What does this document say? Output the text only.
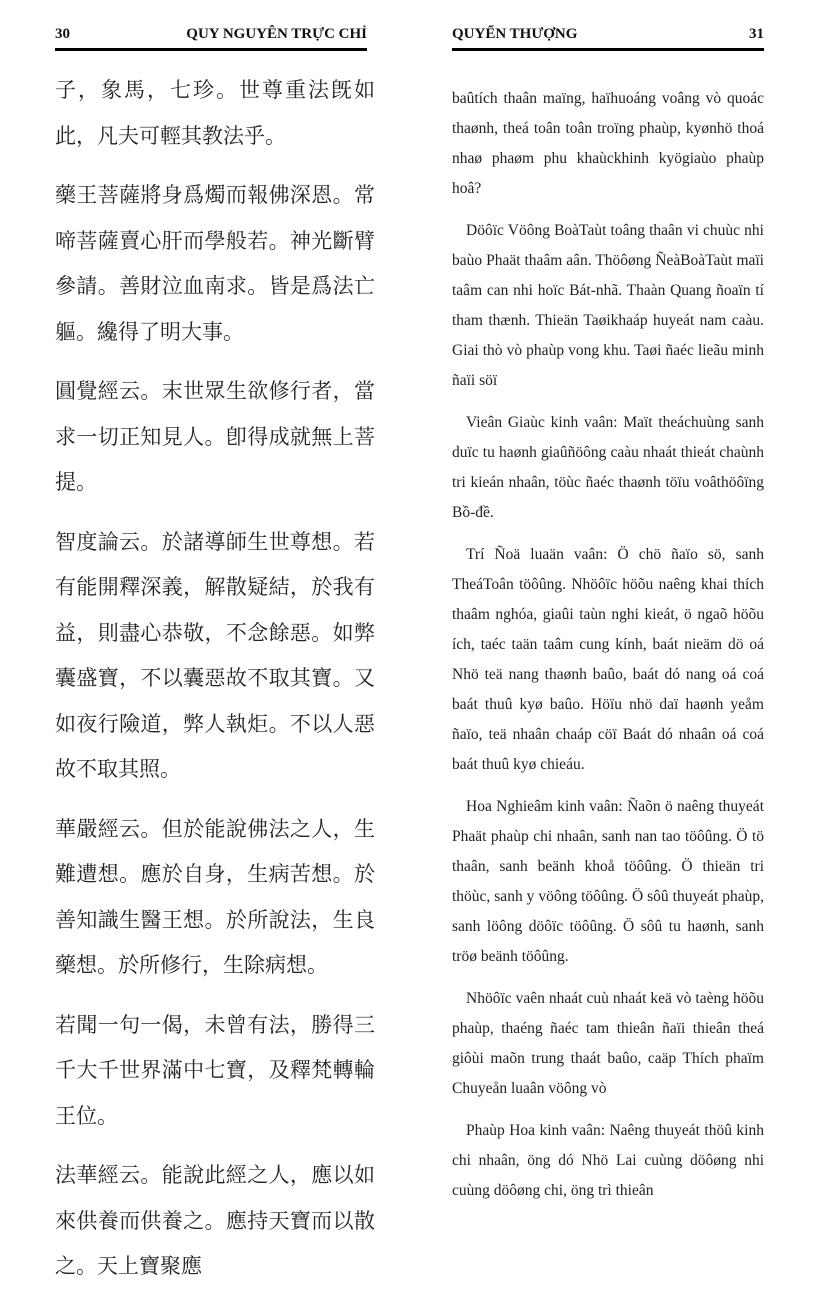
30	QUY NGUYÊN TRỰC CHỈ

子，象馬，七珍。世尊重法旣如此，凡夫可輕其教法乎。

藥王菩薩將身爲燭而報佛深恩。常啼菩薩賣心肝而學般若。神光斷臂參請。善財泣血南求。皆是爲法亡軀。纔得了明大事。

圓覺經云。末世眾生欲修行者，當求一切正知見人。卽得成就無上菩提。

智度論云。於諸導師生世尊想。若有能開釋深義，解散疑結，於我有益，則盡心恭敬，不念餘惡。如弊囊盛寶，不以囊惡故不取其寶。又如夜行險道，弊人執炬。不以人惡故不取其照。

華嚴經云。但於能說佛法之人，生難遭想。應於自身，生病苦想。於善知識生醫王想。於所說法，生良藥想。於所修行，生除病想。

若聞一句一偈，未曾有法，勝得三千大千世界滿中七寶，及釋梵轉輪王位。

法華經云。能說此經之人，應以如來供養而供養之。應持天寶而以散之。天上寶聚應

QUYỂN THƯỢNG	31

baûtích thaân maïng, haïhuoáng voâng vò quoác thaønh, theá toân toân troïng phaùp, kyønhö thoá nhaø phaøm phu khaùckhinh kyögiaùo phaùp hoâ?

Döôïc Vöông BoàTaùt toâng thaân vi chuùc nhi baùo Phaät thaâm aân. Thöôøng ÑeàBoàTaùt maïi taâm can nhi hoïc Bát-nhã. Thaàn Quang ñoaïn tí tham thænh. Thieän Taøikhaáp huyeát nam caàu. Giai thò vò phaùp vong khu. Taøi ñaéc lieãu minh ñaïi söï

Vieân Giaùc kinh vaân: Maït theáchuùng sanh duïc tu haønh giaûñöông caàu nhaát thieát chaùnh tri kieán nhaân, töùc ñaéc thaønh töïu voâthöôïng Bồ-đề.

Trí Ñoä luaän vaân: Ö chö ñaïo sö, sanh TheáToân töôûng. Nhöôïc höõu naêng khai thích thaâm nghóa, giaûi taùn nghi kieát, ö ngaõ höõu ích, taéc taän taâm cung kính, baát nieäm dö oá Nhö teä nang thaønh baûo, baát dó nang oá coá baát thuû kyø baûo. Höïu nhö daï haønh yeåm ñaïo, teä nhaân chaáp cöï Baát dó nhaân oá coá baát thuû kyø chieáu.

Hoa Nghieâm kinh vaân: Ñaõn ö naêng thuyeát Phaät phaùp chi nhaân, sanh nan tao töôûng. Ö tö thaân, sanh beänh khoå töôûng. Ö thieän tri thöùc, sanh y vöông töôûng. Ö sôû thuyeát phaùp, sanh löông döôïc töôûng. Ö sôû tu haønh, sanh tröø beänh töôûng.

Nhöôïc vaên nhaát cuù nhaát keä vò taèng höõu phaùp, thaéng ñaéc tam thieân ñaïi thieân theá giôùi maõn trung thaát baûo, caäp Thích phaïm Chuyeån luaân vöông vò

Phaùp Hoa kinh vaân: Naêng thuyeát thöû kinh chi nhaân, öng dó Nhö Lai cuùng döôøng nhi cuùng döôøng chi, öng trì thieân
